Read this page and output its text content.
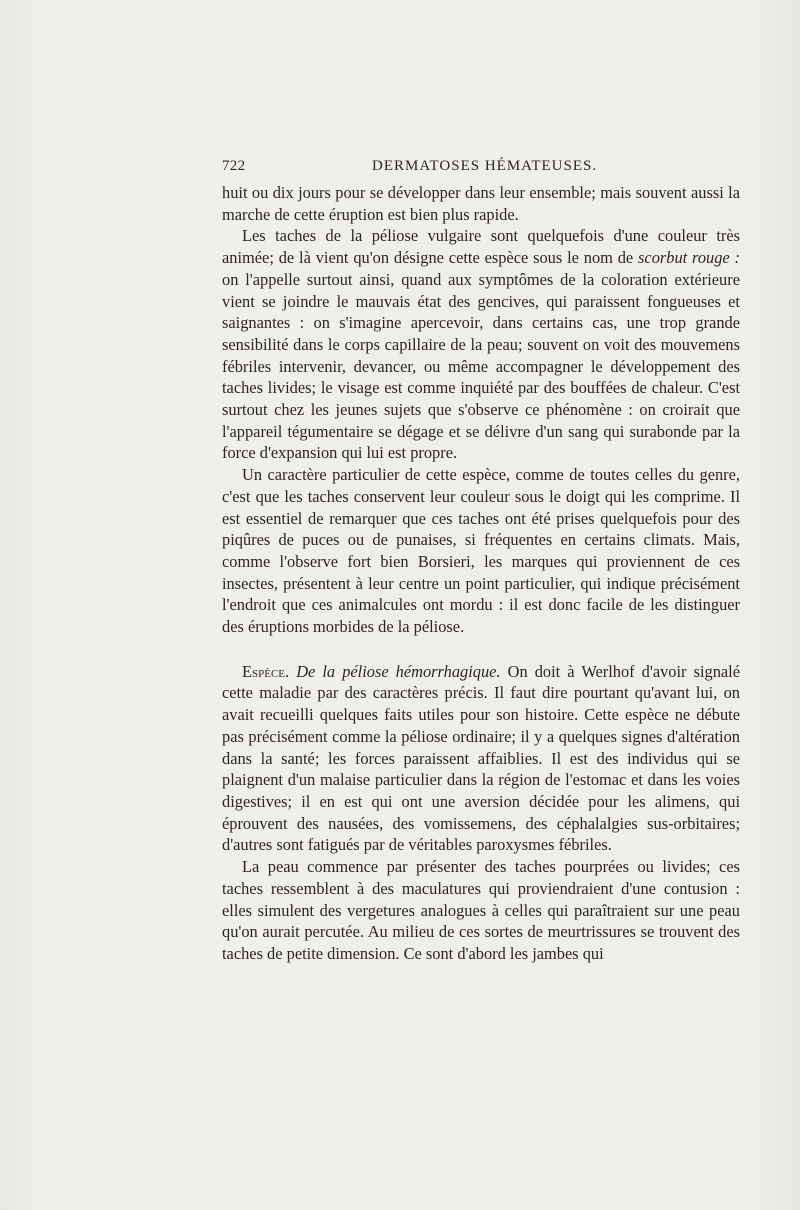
722	DERMATOSES HÉMATEUSES.

huit ou dix jours pour se développer dans leur ensemble; mais souvent aussi la marche de cette éruption est bien plus rapide.

Les taches de la péliose vulgaire sont quelquefois d'une couleur très animée; de là vient qu'on désigne cette espèce sous le nom de scorbut rouge : on l'appelle surtout ainsi, quand aux symptômes de la coloration extérieure vient se joindre le mauvais état des gencives, qui paraissent fongueuses et saignantes : on s'imagine apercevoir, dans certains cas, une trop grande sensibilité dans le corps capillaire de la peau; souvent on voit des mouvemens fébriles intervenir, devancer, ou même accompagner le développement des taches livides; le visage est comme inquiété par des bouffées de chaleur. C'est surtout chez les jeunes sujets que s'observe ce phénomène : on croirait que l'appareil tégumentaire se dégage et se délivre d'un sang qui surabonde par la force d'expansion qui lui est propre.

Un caractère particulier de cette espèce, comme de toutes celles du genre, c'est que les taches conservent leur couleur sous le doigt qui les comprime. Il est essentiel de remarquer que ces taches ont été prises quelquefois pour des piqûres de puces ou de punaises, si fréquentes en certains climats. Mais, comme l'observe fort bien Borsieri, les marques qui proviennent de ces insectes, présentent à leur centre un point particulier, qui indique précisément l'endroit que ces animalcules ont mordu : il est donc facile de les distinguer des éruptions morbides de la péliose.

Espèce. De la péliose hémorrhagique. On doit à Werlhof d'avoir signalé cette maladie par des caractères précis. Il faut dire pourtant qu'avant lui, on avait recueilli quelques faits utiles pour son histoire. Cette espèce ne débute pas précisément comme la péliose ordinaire; il y a quelques signes d'altération dans la santé; les forces paraissent affaiblies. Il est des individus qui se plaignent d'un malaise particulier dans la région de l'estomac et dans les voies digestives; il en est qui ont une aversion décidée pour les alimens, qui éprouvent des nausées, des vomissemens, des céphalalgies sus-orbitaires; d'autres sont fatigués par de véritables paroxysmes fébriles.

La peau commence par présenter des taches pourprées ou livides; ces taches ressemblent à des maculatures qui proviendraient d'une contusion : elles simulent des vergetures analogues à celles qui paraîtraient sur une peau qu'on aurait percutée. Au milieu de ces sortes de meurtrissures se trouvent des taches de petite dimension. Ce sont d'abord les jambes qui
